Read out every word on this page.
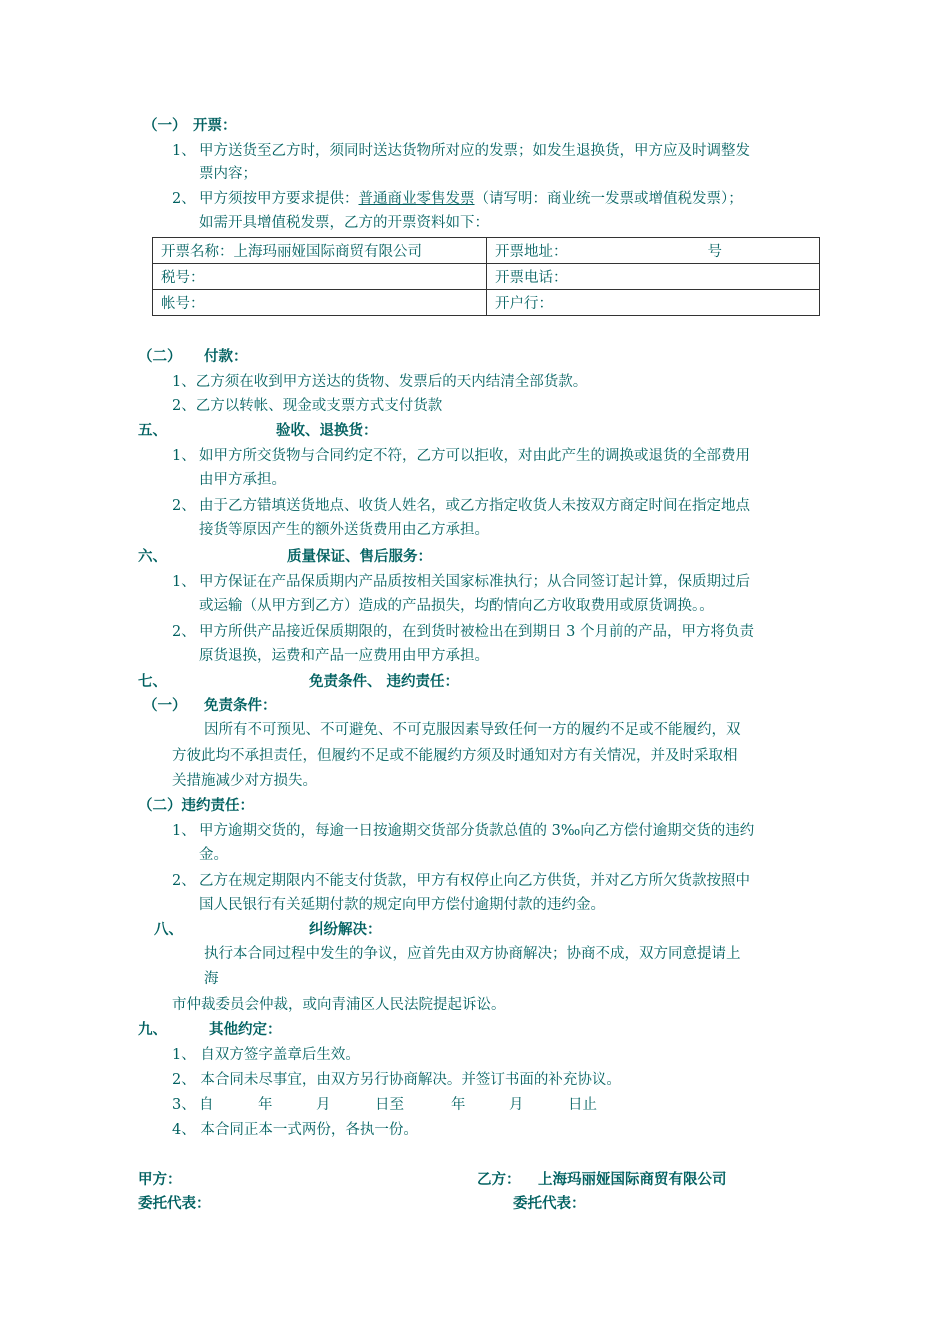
（一） 开票：
1、 甲方送货至乙方时，须同时送达货物所对应的发票；如发生退换货，甲方应及时调整发
票内容；
2、 甲方须按甲方要求提供：普通商业零售发票（请写明：商业统一发票或增值税发票）；
如需开具增值税发票，乙方的开票资料如下：
开票名称：上海玛丽娅国际商贸有限公司	开票地址： 号
税号：	开票电话：
帐号：	开户行：
（二） 付款：
1、乙方须在收到甲方送达的货物、发票后的天内结清全部货款。
2、乙方以转帐、现金或支票方式支付货款
五、	验收、退换货：
1、 如甲方所交货物与合同约定不符，乙方可以拒收，对由此产生的调换或退货的全部费用
由甲方承担。
2、 由于乙方错填送货地点、收货人姓名，或乙方指定收货人未按双方商定时间在指定地点
接货等原因产生的额外送货费用由乙方承担。
六、	质量保证、售后服务：
1、 甲方保证在产品保质期内产品质按相关国家标准执行；从合同签订起计算，保质期过后
或运输（从甲方到乙方）造成的产品损失，均酌情向乙方收取费用或原货调换。。
2、 甲方所供产品接近保质期限的，在到货时被检出在到期日 3 个月前的产品，甲方将负责
原货退换，运费和产品一应费用由甲方承担。
七、	免责条件、 违约责任：
（一） 免责条件：
因所有不可预见、不可避免、不可克服因素导致任何一方的履约不足或不能履约，双
方彼此均不承担责任，但履约不足或不能履约方须及时通知对方有关情况，并及时采取相
关措施减少对方损失。
（二）违约责任：
1、 甲方逾期交货的，每逾一日按逾期交货部分货款总值的 3‰向乙方偿付逾期交货的违约
金。
2、 乙方在规定期限内不能支付货款，甲方有权停止向乙方供货，并对乙方所欠货款按照中
国人民银行有关延期付款的规定向甲方偿付逾期付款的违约金。
八、	纠纷解决：
执行本合同过程中发生的争议，应首先由双方协商解决；协商不成，双方同意提请上
海
市仲裁委员会仲裁，或向青浦区人民法院提起诉讼。
九、	其他约定：
1、 自双方签字盖章后生效。
2、 本合同未尽事宜，由双方另行协商解决。并签订书面的补充协议。
3、 自	年	月	日至	年	月	日止
4、 本合同正本一式两份，各执一份。
甲方：	乙方： 上海玛丽娅国际商贸有限公司
委托代表：	委托代表：
